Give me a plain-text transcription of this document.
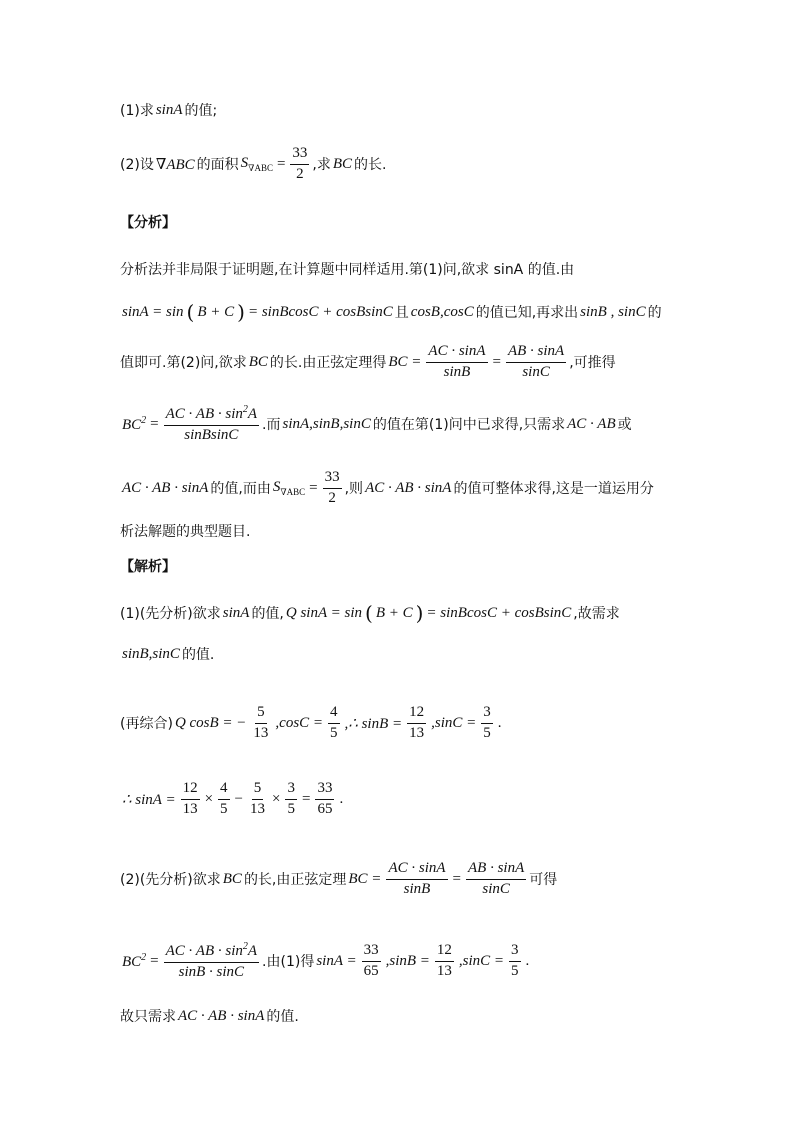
(1)求 sinA 的值;
(2)设 ∇ABC 的面积 $S_{\nabla ABC} = \frac{33}{2}$ ,求 BC 的长.
【分析】
分析法并非局限于证明题,在计算题中同样适用.第(1)问,欲求 sinA 的值.由
sinA = sin ( B + C ) = sinBcosC + cosBsinC 且 cosB,cosC 的值已知,再求出 sinB , sinC 的
值即可.第(2)问,欲求 BC 的长.由正弦定理得 BC = $\frac{AC \cdot \sin A}{\sin B} = \frac{AB \cdot \sin A}{\sin C}$ ,可推得
$BC^2 = \frac{AC \cdot AB \cdot \sin^2A}{\text{sinBsinC}}$ .而 sinA,sinB,sinC 的值在第(1)问中已求得,只需求 AC · AB 或
AC · AB · sinA 的值,而由 $S_{\nabla ABC} = \frac{33}{2}$ ,则 AC · AB · sinA 的值可整体求得,这是一道运用分
析法解题的典型题目.
【解析】
(1)(先分析)欲求 sinA 的值, Q sinA = sin ( B + C ) = sinBcosC + cosBsinC ,故需求
sinB,sinC 的值.
(再综合) Q cosB = − $\frac{5}{13} ,\cos C = \frac{4}{5}$ ,∴ $\sin B = \frac{12}{13} ,\sin C = \frac{3}{5}$ .
∴ $\sin A = \frac{12}{13} \times \frac{4}{5} - \frac{5}{13} \times \frac{3}{5} = \frac{33}{65}$ .
(2)(先分析)欲求 BC 的长,由正弦定理 BC = $\frac{AC \cdot \sin A}{\sin B} = \frac{AB \cdot \sin A}{\sin C}$ 可得
$BC^2 = \frac{AC \cdot AB \cdot \sin^2A}{\sin B \cdot \sin C}$ .由(1)得 $\sin A = \frac{33}{65} ,\sin B = \frac{12}{13} ,\sin C = \frac{3}{5}$ .
故只需求 AC · AB · sinA 的值.
